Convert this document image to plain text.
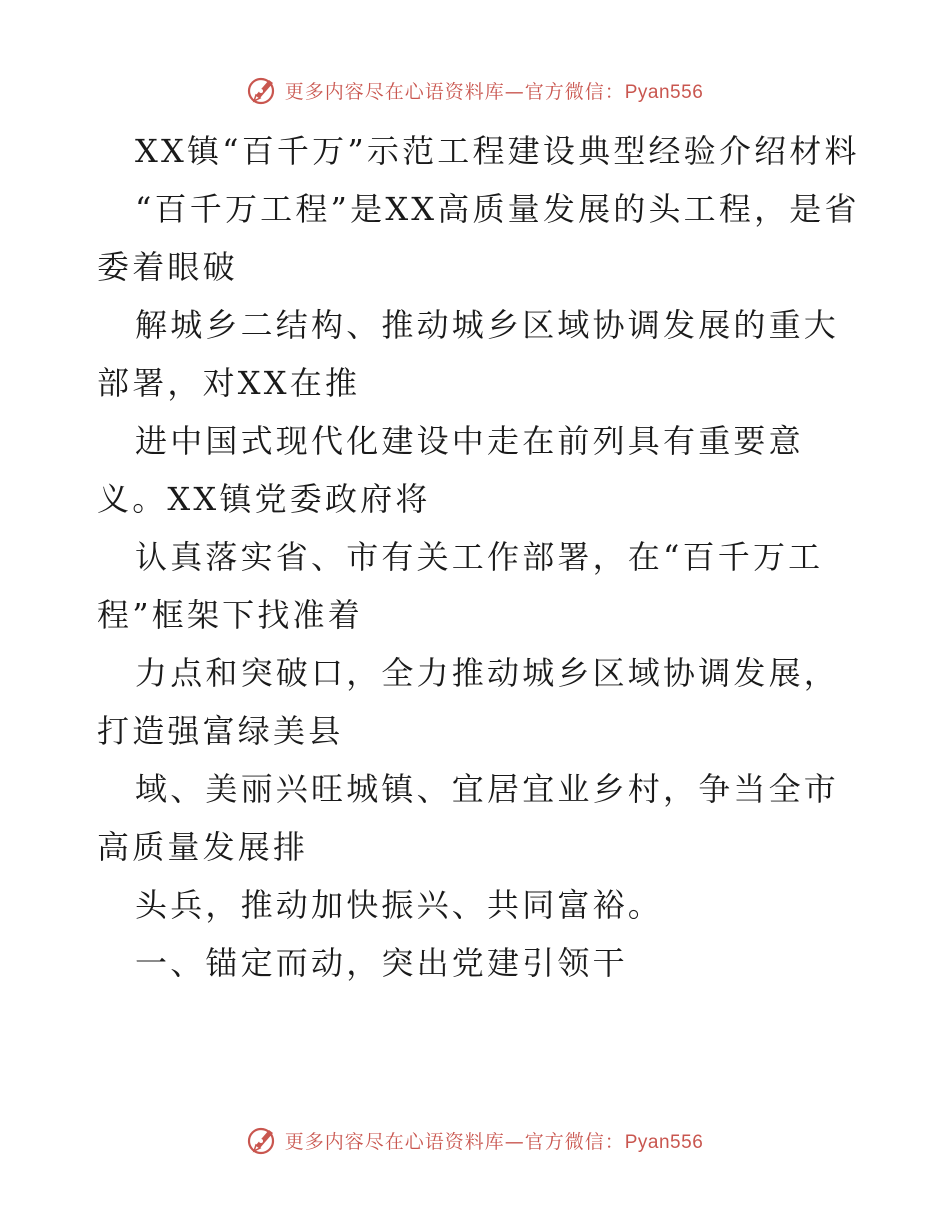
更多内容尽在心语资料库—官方微信：Pyan556

XX镇“百千万”示范工程建设典型经验介绍材料

“百千万工程”是XX高质量发展的头工程，是省委着眼破

解城乡二结构、推动城乡区域协调发展的重大部署，对XX在推

进中国式现代化建设中走在前列具有重要意义。XX镇党委政府将

认真落实省、市有关工作部署，在“百千万工程”框架下找准着

力点和突破口，全力推动城乡区域协调发展，打造强富绿美县

域、美丽兴旺城镇、宜居宜业乡村，争当全市高质量发展排

头兵，推动加快振兴、共同富裕。

一、锚定而动，突出党建引领干

更多内容尽在心语资料库—官方微信：Pyan556
